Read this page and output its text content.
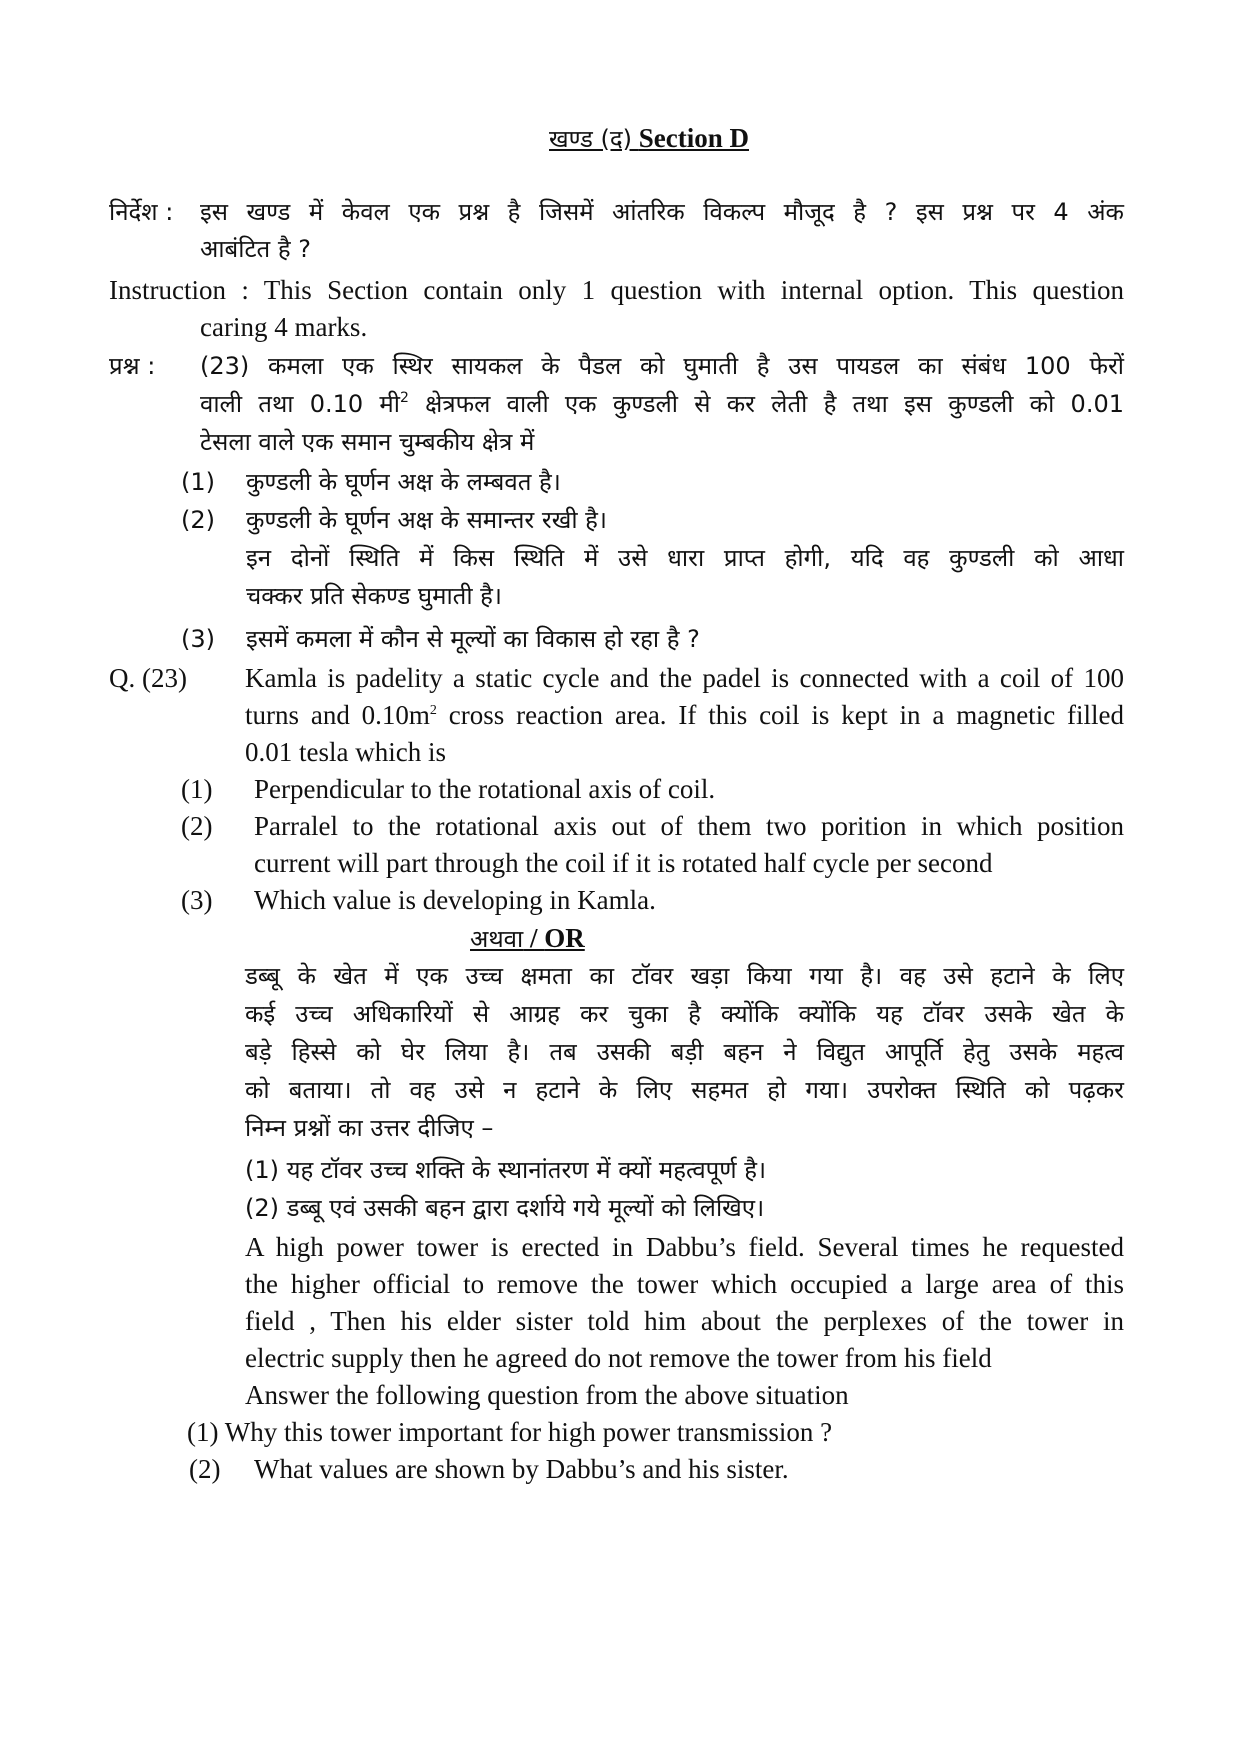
खण्ड (द) Section D
निर्देश : इस खण्ड में केवल एक प्रश्न है जिसमें आंतरिक विकल्प मौजूद है ? इस प्रश्न पर 4 अंक
आबंटित है ?
Instruction : This Section contain only 1 question with internal option. This question
caring 4 marks.
प्रश्न : (23) कमला एक स्थिर सायकल के पैडल को घुमाती है उस पायडल का संबंध 100 फेरों
वाली तथा 0.10 मी$^2$ क्षेत्रफल वाली एक कुण्डली से कर लेती है तथा इस कुण्डली को 0.01
टेसला वाले एक समान चुम्बकीय क्षेत्र में
(1) कुण्डली के घूर्णन अक्ष के लम्बवत है।
(2) कुण्डली के घूर्णन अक्ष के समान्तर रखी है।
इन दोनों स्थिति में किस स्थिति में उसे धारा प्राप्त होगी, यदि वह कुण्डली को आधा
चक्कर प्रति सेकण्ड घुमाती है।
(3) इसमें कमला में कौन से मूल्यों का विकास हो रहा है ?
Q. (23) Kamla is padelity a static cycle and the padel is connected with a coil of 100
turns and $0.10m^2$ cross reaction area. If this coil is kept in a magnetic filled
0.01 tesla which is
(1) Perpendicular to the rotational axis of coil.
(2) Parralel to the rotational axis out of them two porition in which position
current will part through the coil if it is rotated half cycle per second
(3) Which value is developing in Kamla.
अथवा / OR
डब्बू के खेत में एक उच्च क्षमता का टॉवर खड़ा किया गया है। वह उसे हटाने के लिए
कई उच्च अधिकारियों से आग्रह कर चुका है क्योंकि क्योंकि यह टॉवर उसके खेत के
बड़े हिस्से को घेर लिया है। तब उसकी बड़ी बहन ने विद्युत आपूर्ति हेतु उसके महत्व
को बताया। तो वह उसे न हटाने के लिए सहमत हो गया। उपरोक्त स्थिति को पढ़कर
निम्न प्रश्नों का उत्तर दीजिए –
(1) यह टॉवर उच्च शक्ति के स्थानांतरण में क्यों महत्वपूर्ण है।
(2) डब्बू एवं उसकी बहन द्वारा दर्शाये गये मूल्यों को लिखिए।
A high power tower is erected in Dabbu’s field. Several times he requested
the higher official to remove the tower which occupied a large area of this
field , Then his elder sister told him about the perplexes of the tower in
electric supply then he agreed do not remove the tower from his field
Answer the following question from the above situation
(1) Why this tower important for high power transmission ?
(2) What values are shown by Dabbu’s and his sister.
